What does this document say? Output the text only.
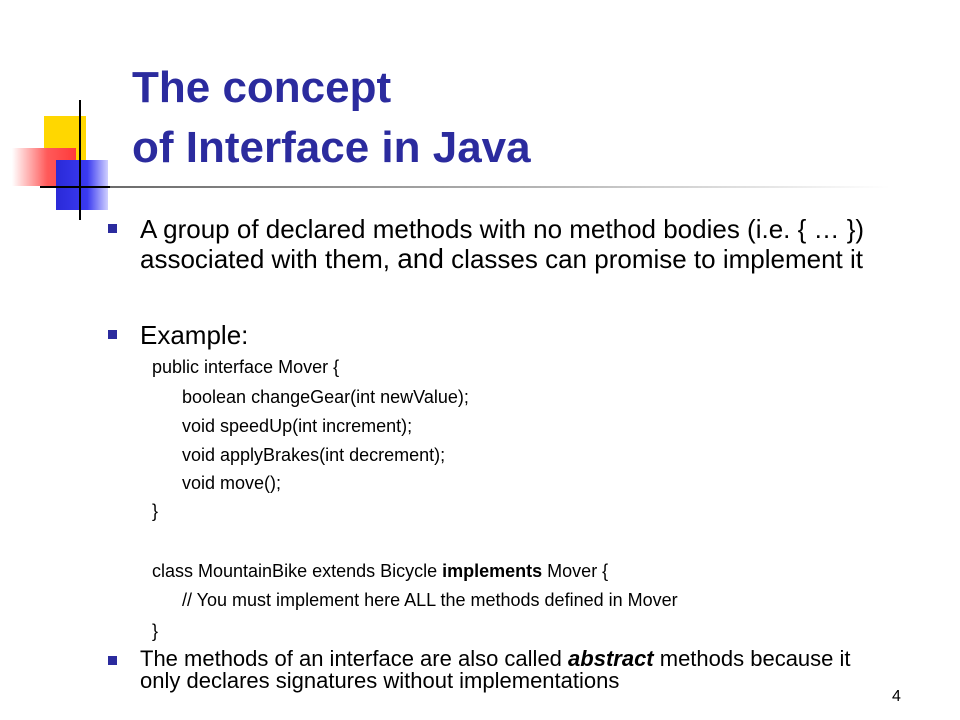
The concept
of Interface in Java
A group of declared methods with no method bodies (i.e. { … }) associated with them, and classes can promise to implement it
Example:
public interface Mover {
boolean changeGear(int newValue);
void speedUp(int increment);
void applyBrakes(int decrement);
void move();
}
class MountainBike extends Bicycle implements Mover {
// You must implement here ALL the methods defined in Mover
}
The methods of an interface are also called abstract methods because it only declares signatures without implementations
4
